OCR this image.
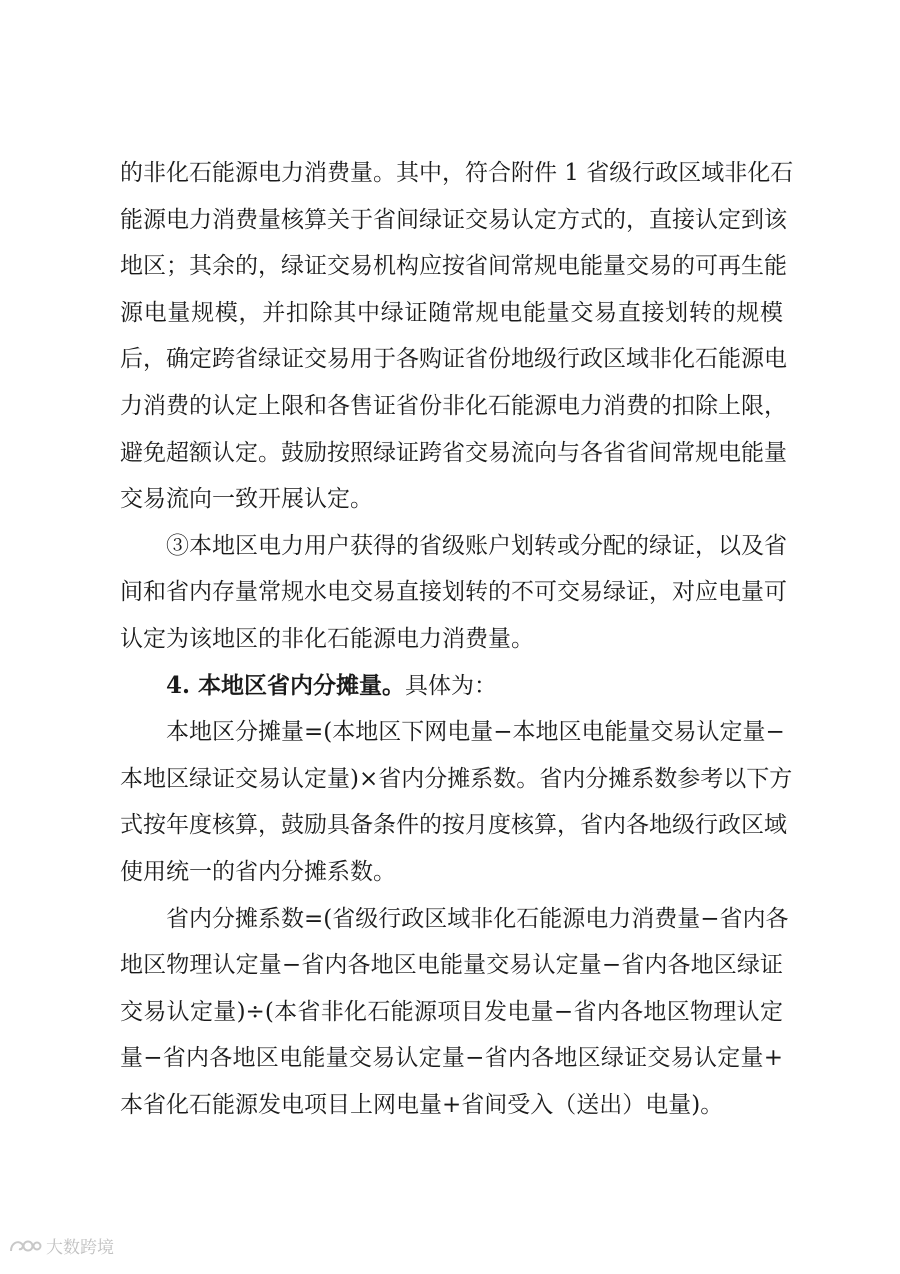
的非化石能源电力消费量。其中，符合附件 1 省级行政区域非化石
能源电力消费量核算关于省间绿证交易认定方式的，直接认定到该
地区；其余的，绿证交易机构应按省间常规电能量交易的可再生能
源电量规模，并扣除其中绿证随常规电能量交易直接划转的规模
后，确定跨省绿证交易用于各购证省份地级行政区域非化石能源电
力消费的认定上限和各售证省份非化石能源电力消费的扣除上限，
避免超额认定。鼓励按照绿证跨省交易流向与各省省间常规电能量
交易流向一致开展认定。
③本地区电力用户获得的省级账户划转或分配的绿证，以及省
间和省内存量常规水电交易直接划转的不可交易绿证，对应电量可
认定为该地区的非化石能源电力消费量。
4. 本地区省内分摊量。具体为：
本地区分摊量=(本地区下网电量−本地区电能量交易认定量−
本地区绿证交易认定量)×省内分摊系数。省内分摊系数参考以下方
式按年度核算，鼓励具备条件的按月度核算，省内各地级行政区域
使用统一的省内分摊系数。
省内分摊系数=(省级行政区域非化石能源电力消费量−省内各
地区物理认定量−省内各地区电能量交易认定量−省内各地区绿证
交易认定量)÷(本省非化石能源项目发电量−省内各地区物理认定
量−省内各地区电能量交易认定量−省内各地区绿证交易认定量+
本省化石能源发电项目上网电量+省间受入（送出）电量)。
大数跨境
